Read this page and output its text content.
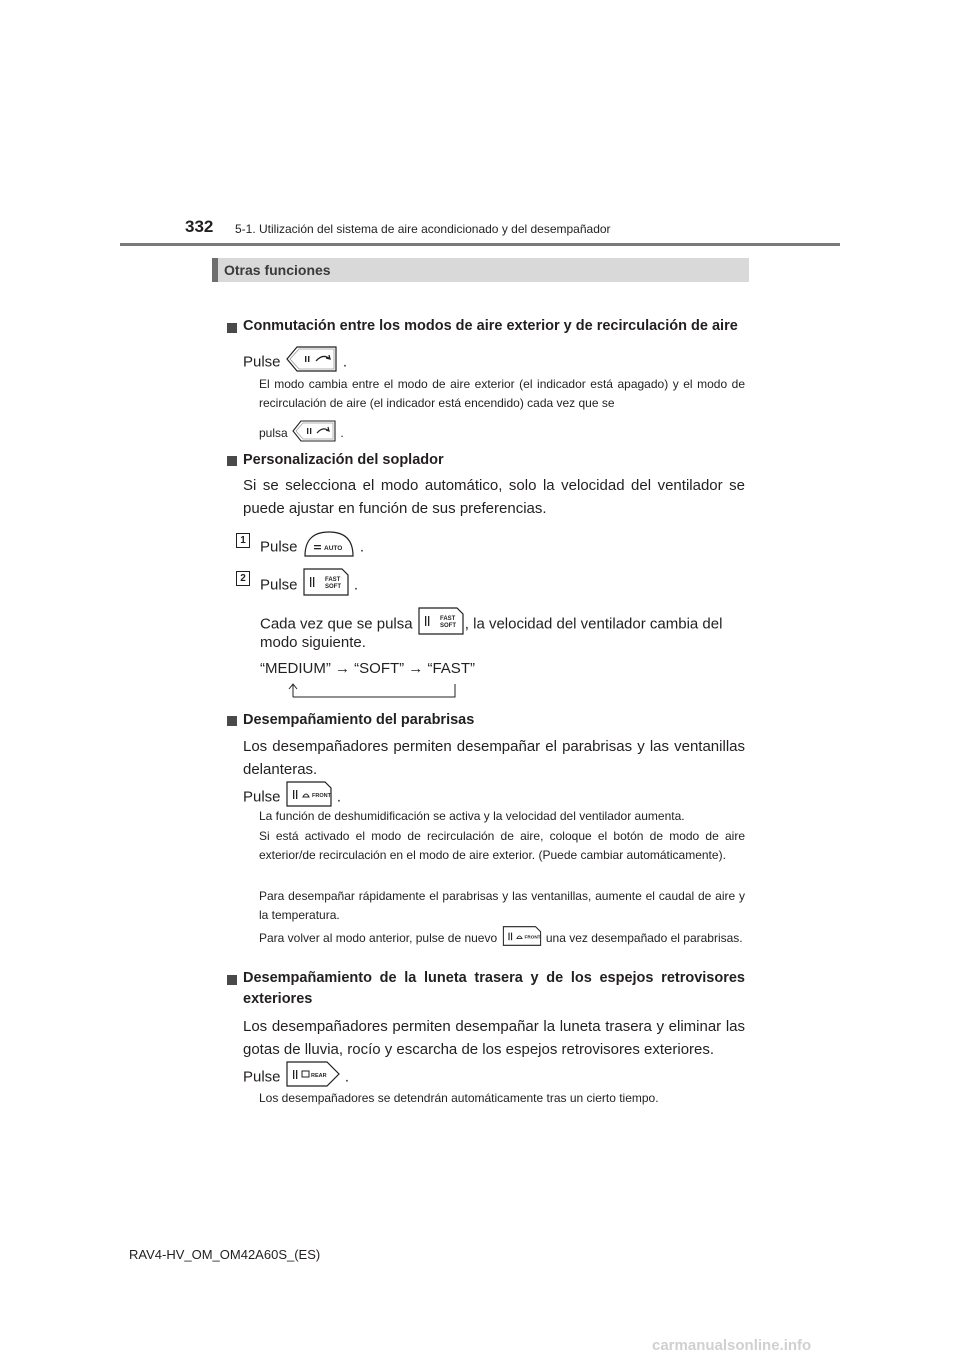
332 5-1. Utilización del sistema de aire acondicionado y del desempañador
Otras funciones
Conmutación entre los modos de aire exterior y de recirculación de aire
Pulse	.
El modo cambia entre el modo de aire exterior (el indicador está apagado) y el modo de recirculación de aire (el indicador está encendido) cada vez que se
pulsa	.
Personalización del soplador
Si se selecciona el modo automático, solo la velocidad del ventilador se puede ajustar en función de sus preferencias.
1 Pulse	AUTO .
2 Pulse	FAST
SOFT .
Cada vez que se pulsa	FAST
SOFT , la velocidad del ventilador cambia del
modo siguiente.
“MEDIUM” → “SOFT” → “FAST”
Desempañamiento del parabrisas
Los desempañadores permiten desempañar el parabrisas y las ventanillas delanteras.
Pulse	FRONT .
La función de deshumidificación se activa y la velocidad del ventilador aumenta.
Si está activado el modo de recirculación de aire, coloque el botón de modo de aire exterior/de recirculación en el modo de aire exterior. (Puede cambiar automáticamente).
Para desempañar rápidamente el parabrisas y las ventanillas, aumente el caudal de aire y la temperatura.
Para volver al modo anterior, pulse de nuevo	FRONT una vez desempañado el parabrisas.
Desempañamiento de la luneta trasera y de los espejos retrovisores exteriores
Los desempañadores permiten desempañar la luneta trasera y eliminar las gotas de lluvia, rocío y escarcha de los espejos retrovisores exteriores.
Pulse	REAR .
Los desempañadores se detendrán automáticamente tras un cierto tiempo.
RAV4-HV_OM_OM42A60S_(ES)
carmanualsonline.info
